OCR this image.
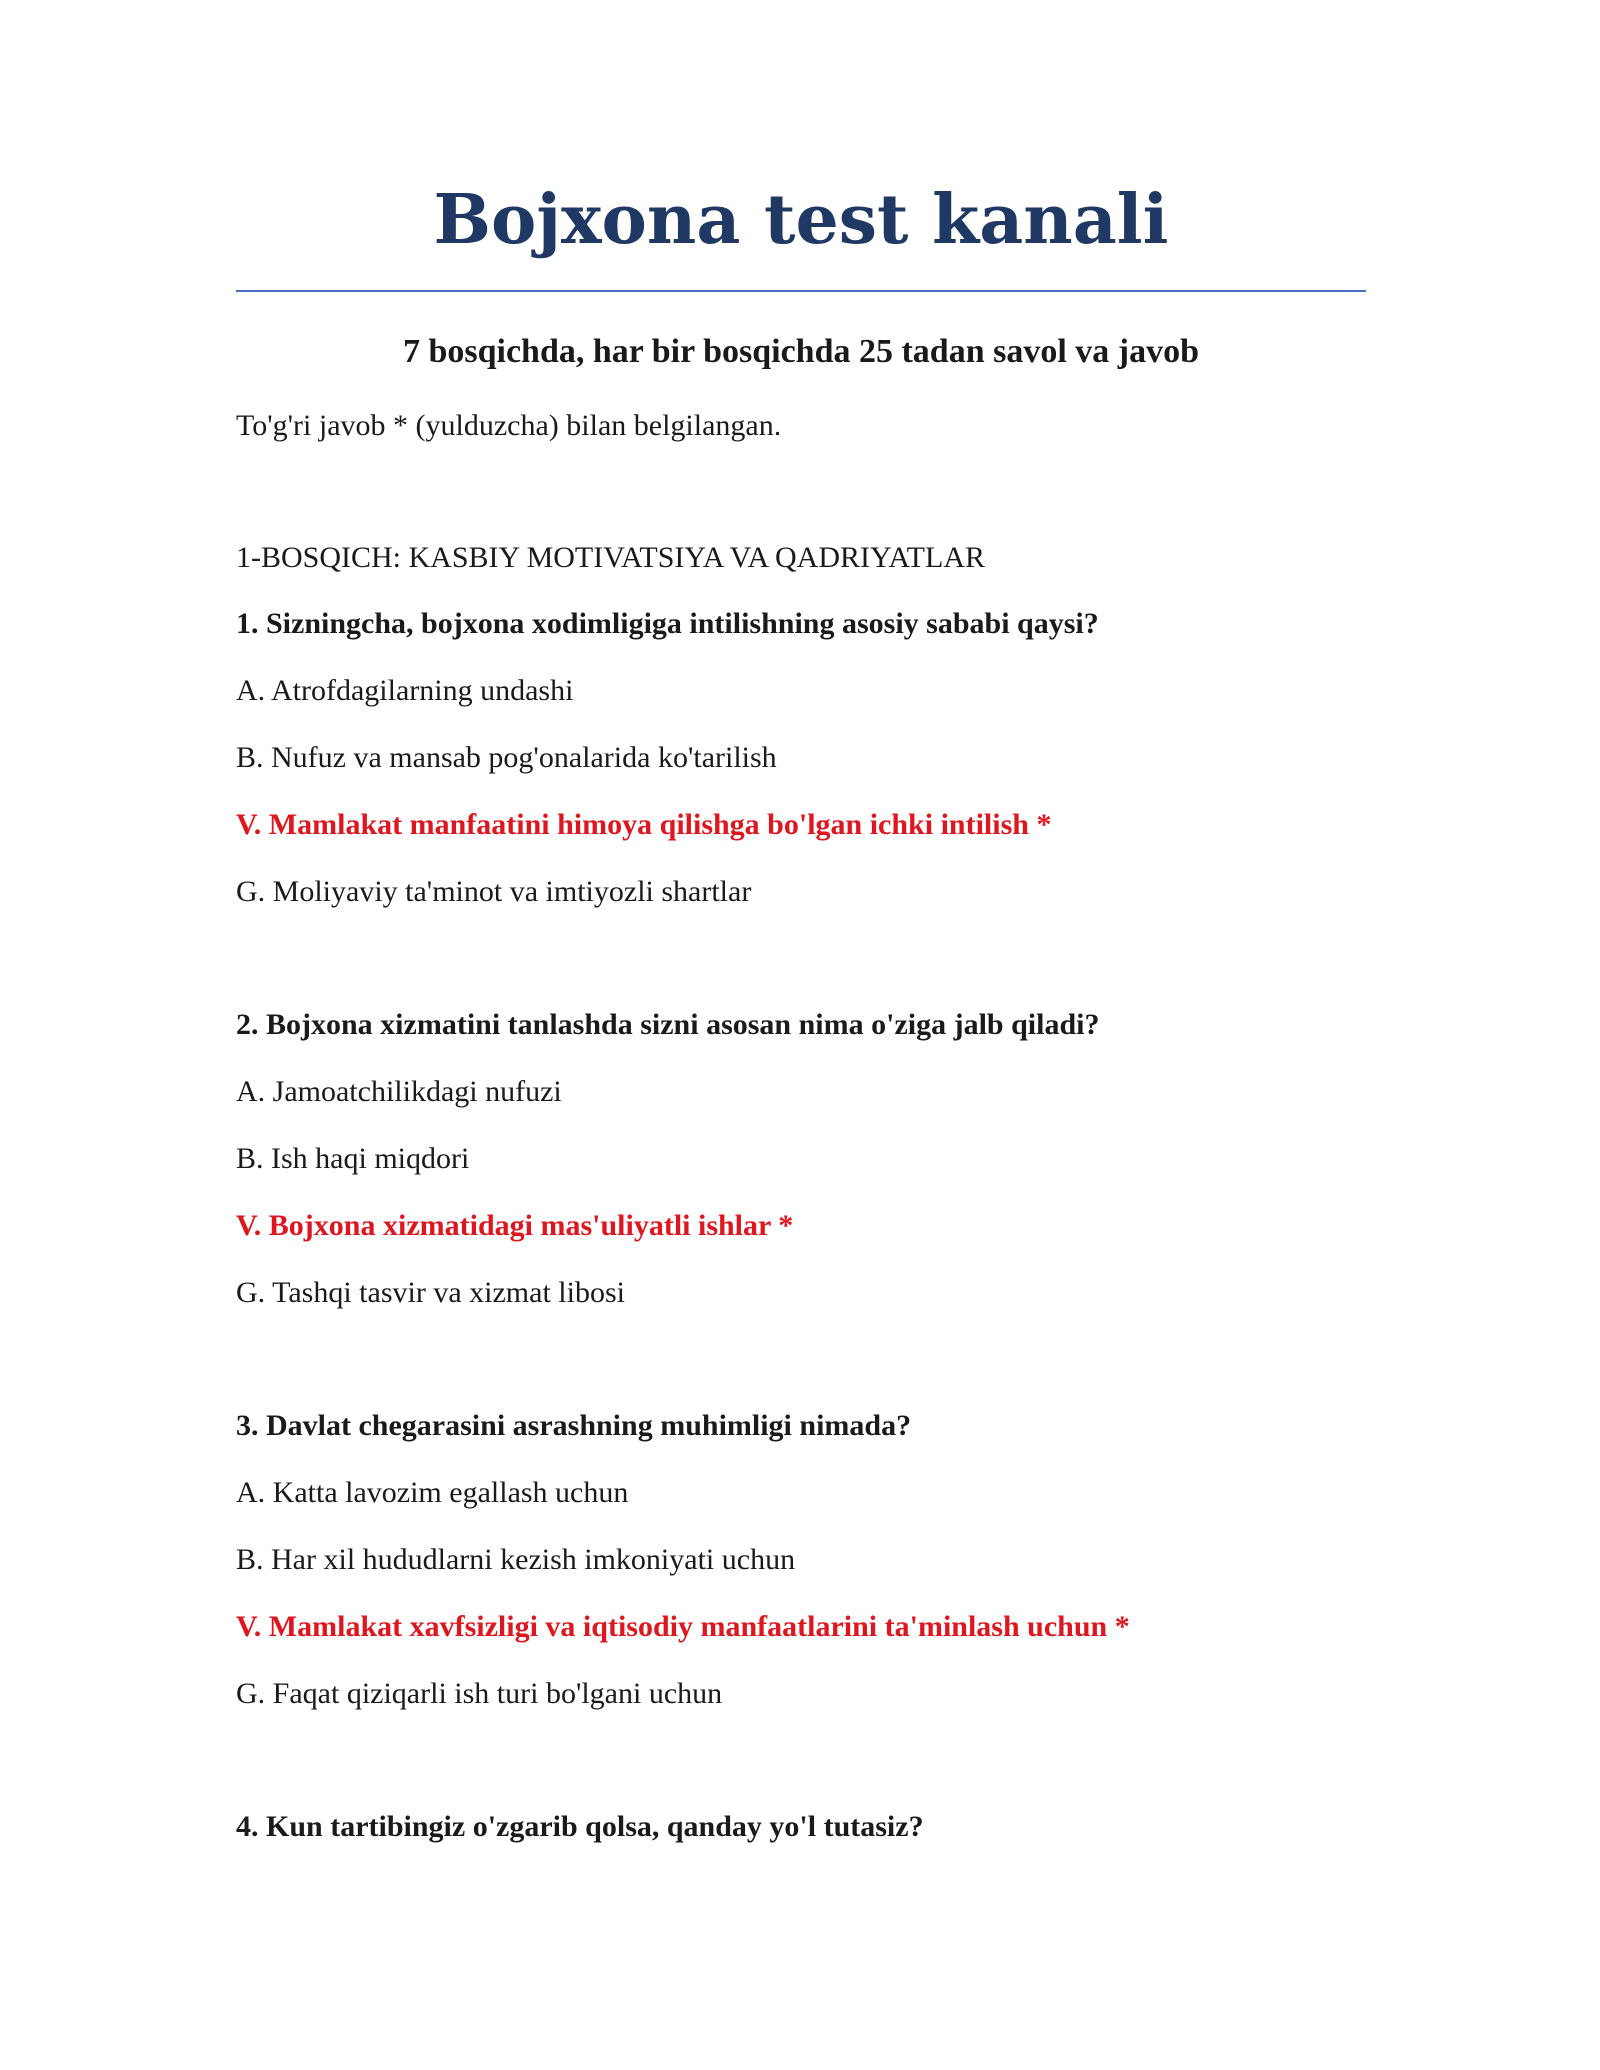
Bojxona test kanali
7 bosqichda, har bir bosqichda 25 tadan savol va javob
To'g'ri javob * (yulduzcha) bilan belgilangan.
1-BOSQICH: KASBIY MOTIVATSIYA VA QADRIYATLAR
1. Sizningcha, bojxona xodimligiga intilishning asosiy sababi qaysi?
A. Atrofdagilarning undashi
B. Nufuz va mansab pog'onalarida ko'tarilish
V. Mamlakat manfaatini himoya qilishga bo'lgan ichki intilish *
G. Moliyaviy ta'minot va imtiyozli shartlar
2. Bojxona xizmatini tanlashda sizni asosan nima o'ziga jalb qiladi?
A. Jamoatchilikdagi nufuzi
B. Ish haqi miqdori
V. Bojxona xizmatidagi mas'uliyatli ishlar *
G. Tashqi tasvir va xizmat libosi
3. Davlat chegarasini asrashning muhimligi nimada?
A. Katta lavozim egallash uchun
B. Har xil hududlarni kezish imkoniyati uchun
V. Mamlakat xavfsizligi va iqtisodiy manfaatlarini ta'minlash uchun *
G. Faqat qiziqarli ish turi bo'lgani uchun
4. Kun tartibingiz o'zgarib qolsa, qanday yo'l tutasiz?
